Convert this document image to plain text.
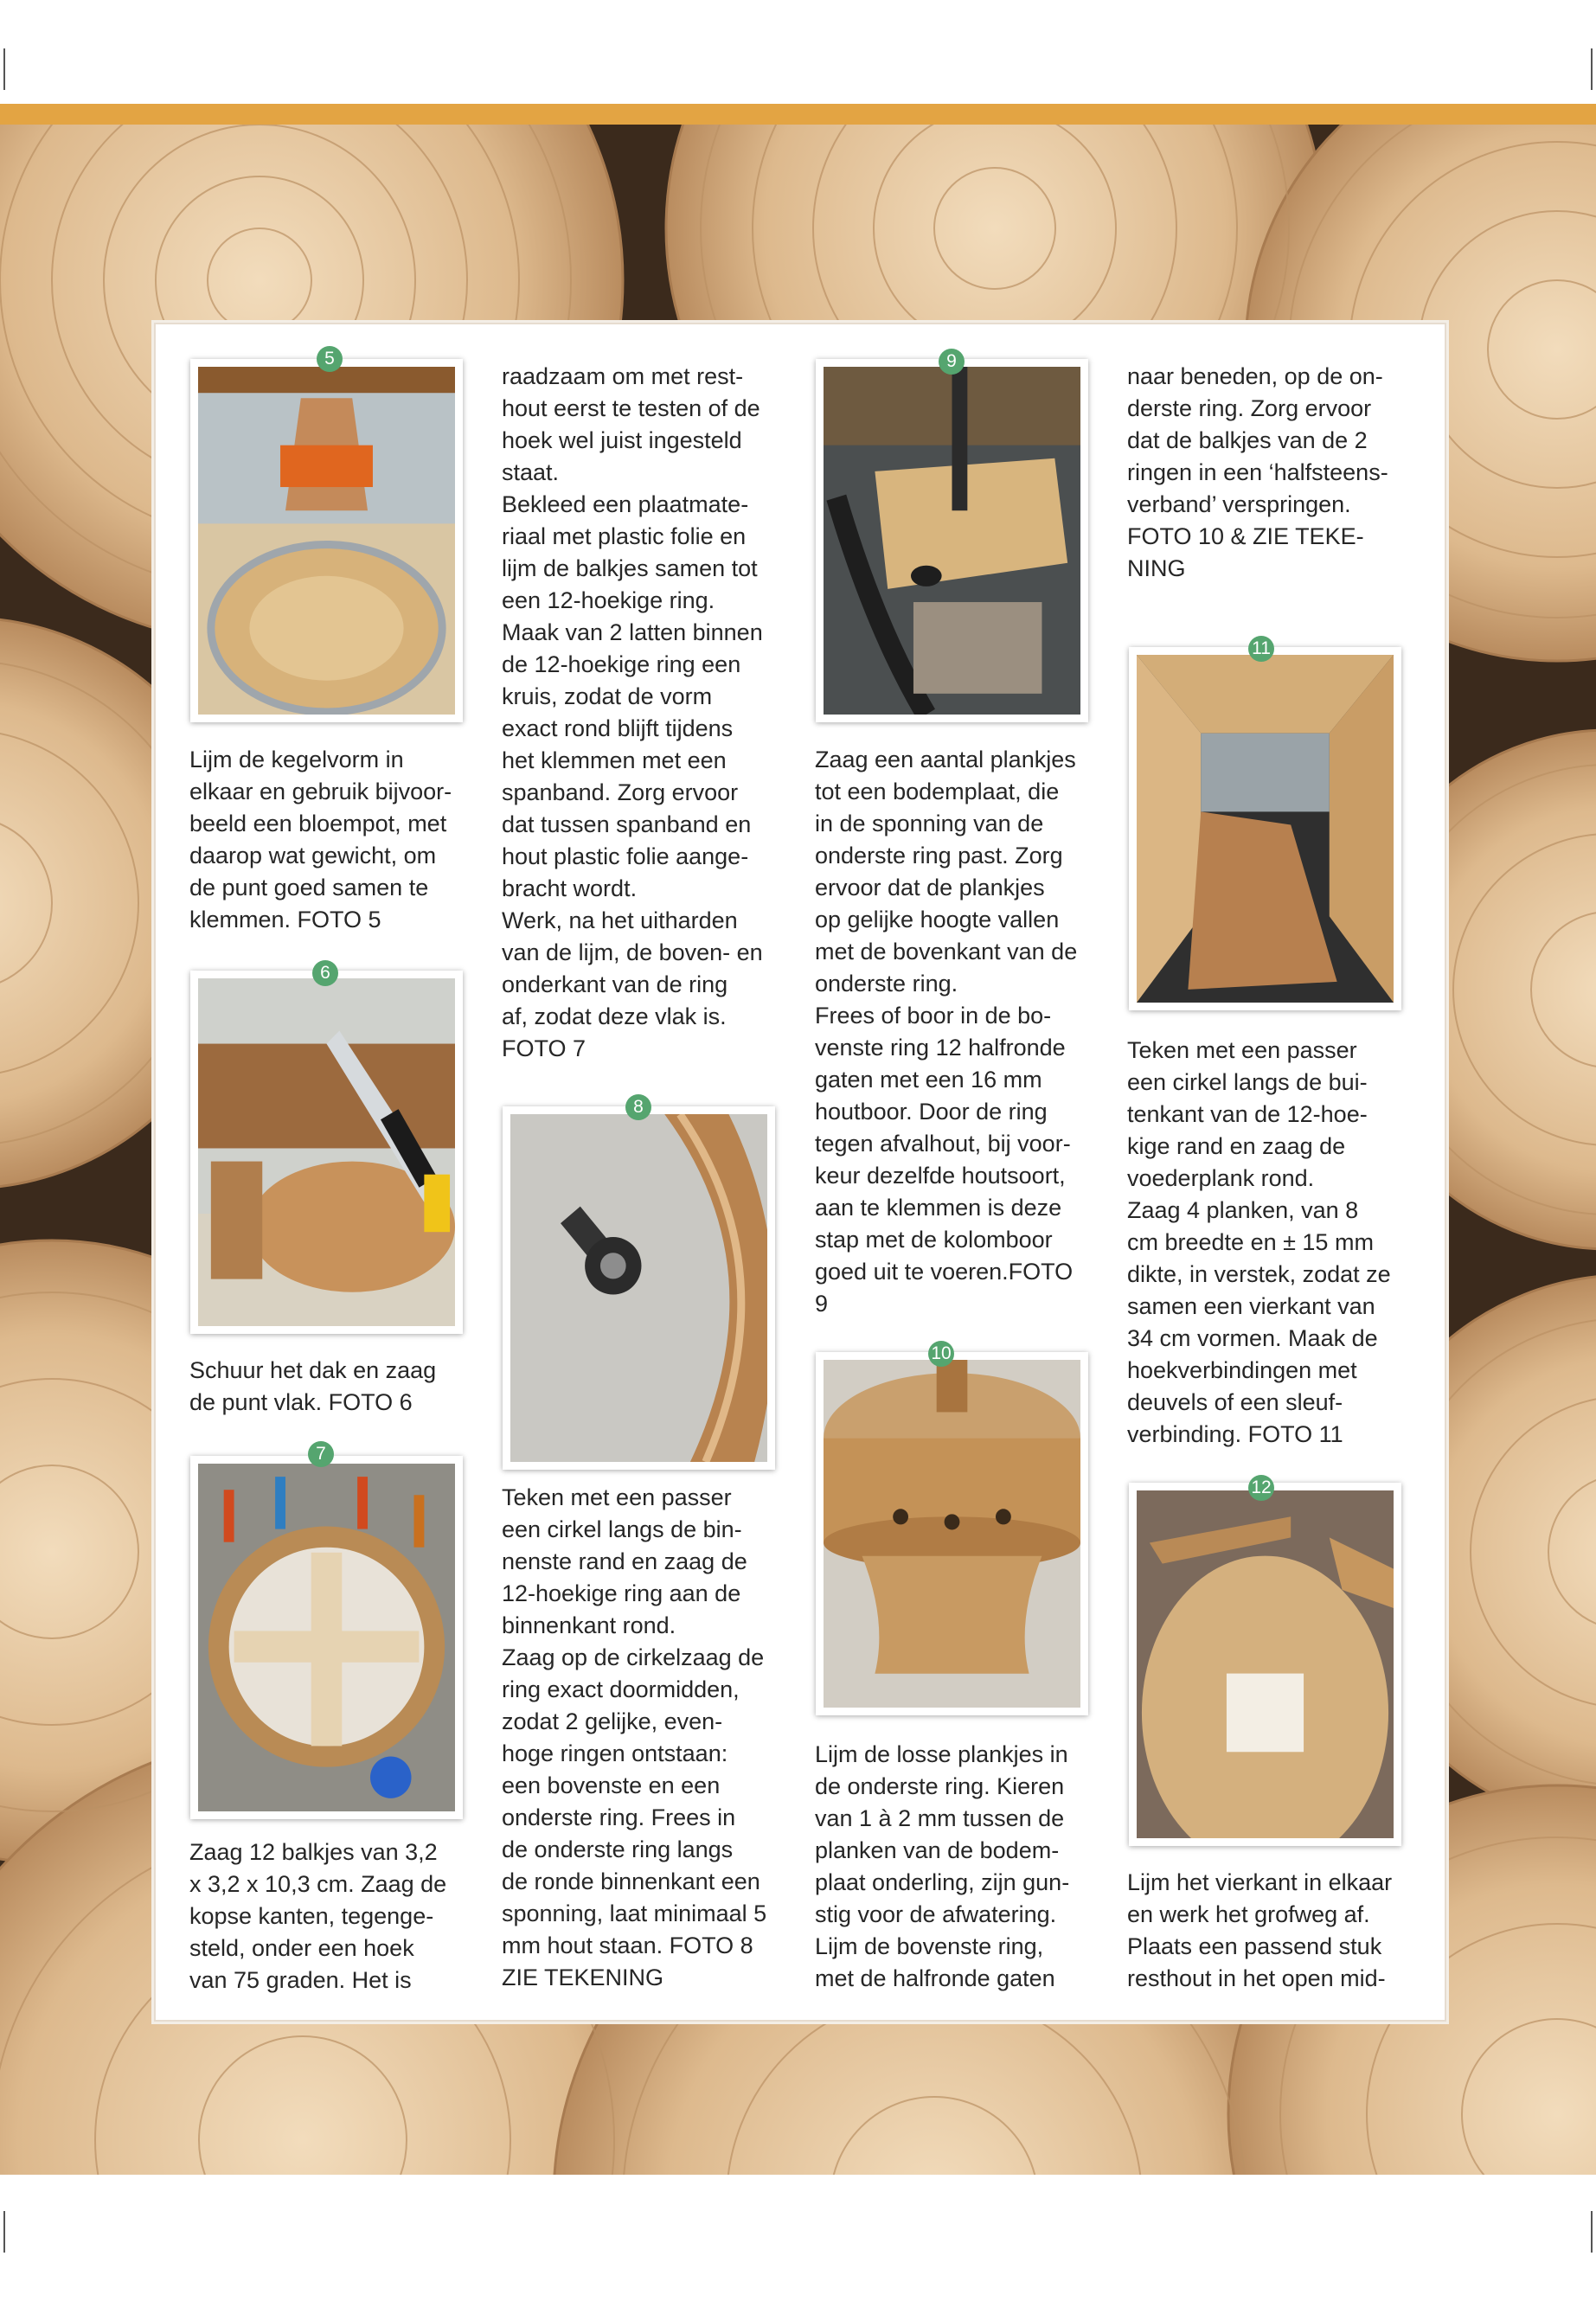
5

Lijm de kegelvorm in

elkaar en gebruik bijvoor-

beeld een bloempot, met

daarop wat gewicht, om

de punt goed samen te

klemmen. FOTO 5

6

Schuur het dak en zaag

de punt vlak. FOTO 6

7

Zaag 12 balkjes van 3,2

x 3,2 x 10,3 cm. Zaag de

kopse kanten, tegenge-

steld, onder een hoek

van 75 graden. Het is

raadzaam om met rest-

hout eerst te testen of de

hoek wel juist ingesteld

staat.

Bekleed een plaatmate-

riaal met plastic folie en

lijm de balkjes samen tot

een 12-hoekige ring.

Maak van 2 latten binnen

de 12-hoekige ring een

kruis, zodat de vorm

exact rond blijft tijdens

het klemmen met een

spanband. Zorg ervoor

dat tussen spanband en

hout plastic folie aange-

bracht wordt.

Werk, na het uitharden

van de lijm, de boven- en

onderkant van de ring

af, zodat deze vlak is.

FOTO 7

8

Teken met een passer

een cirkel langs de bin-

nenste rand en zaag de

12-hoekige ring aan de

binnenkant rond.

Zaag op de cirkelzaag de

ring exact doormidden,

zodat 2 gelijke, even-

hoge ringen ontstaan:

een bovenste en een

onderste ring. Frees in

de onderste ring langs

de ronde binnenkant een

sponning, laat minimaal 5

mm hout staan. FOTO 8

ZIE TEKENING

9

Zaag een aantal plankjes

tot een bodemplaat, die

in de sponning van de

onderste ring past. Zorg

ervoor dat de plankjes

op gelijke hoogte vallen

met de bovenkant van de

onderste ring.

Frees of boor in de bo-

venste ring 12 halfronde

gaten met een 16 mm

houtboor. Door de ring

tegen afvalhout, bij voor-

keur dezelfde houtsoort,

aan te klemmen is deze

stap met de kolomboor

goed uit te voeren.FOTO

9

10

Lijm de losse plankjes in

de onderste ring. Kieren

van 1 à 2 mm tussen de

planken van de bodem-

plaat onderling, zijn gun-

stig voor de afwatering.

Lijm de bovenste ring,

met de halfronde gaten

naar beneden, op de on-

derste ring. Zorg ervoor

dat de balkjes van de 2

ringen in een ‘halfsteens-

verband’ verspringen.

FOTO 10 & ZIE TEKE-

NING

11

Teken met een passer

een cirkel langs de bui-

tenkant van de 12-hoe-

kige rand en zaag de

voederplank rond.

Zaag 4 planken, van 8

cm breedte en ± 15 mm

dikte, in verstek, zodat ze

samen een vierkant van

34 cm vormen. Maak de

hoekverbindingen met

deuvels of een sleuf-

verbinding. FOTO 11

12

Lijm het vierkant in elkaar

en werk het grofweg af.

Plaats een passend stuk

resthout in het open mid-
